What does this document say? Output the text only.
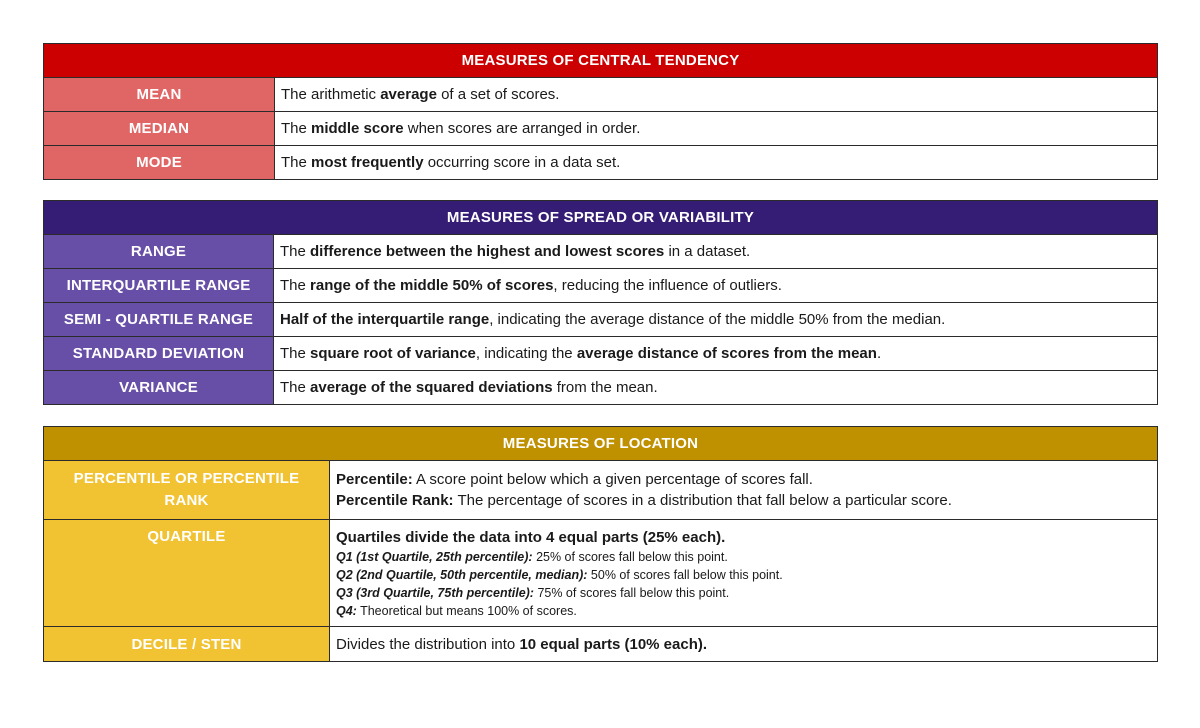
MEASURES OF CENTRAL TENDENCY	
MEAN	The arithmetic average of a set of scores.
MEDIAN	The middle score when scores are arranged in order.
MODE	The most frequently occurring score in a data set.
MEASURES OF SPREAD OR VARIABILITY	
RANGE	The difference between the highest and lowest scores in a dataset.
INTERQUARTILE RANGE	The range of the middle 50% of scores, reducing the influence of outliers.
SEMI - QUARTILE RANGE	Half of the interquartile range, indicating the average distance of the middle 50% from the median.
STANDARD DEVIATION	The square root of variance, indicating the average distance of scores from the mean.
VARIANCE	The average of the squared deviations from the mean.
MEASURES OF LOCATION	
PERCENTILE OR PERCENTILE RANK	Percentile: A score point below which a given percentage of scores fall.
Percentile Rank: The percentage of scores in a distribution that fall below a particular score.

QUARTILE	Quartiles divide the data into 4 equal parts (25% each).
Q1 (1st Quartile, 25th percentile): 25% of scores fall below this point.
Q2 (2nd Quartile, 50th percentile, median): 50% of scores fall below this point.
Q3 (3rd Quartile, 75th percentile): 75% of scores fall below this point.
Q4: Theoretical but means 100% of scores.

DECILE / STEN	Divides the distribution into 10 equal parts (10% each).
